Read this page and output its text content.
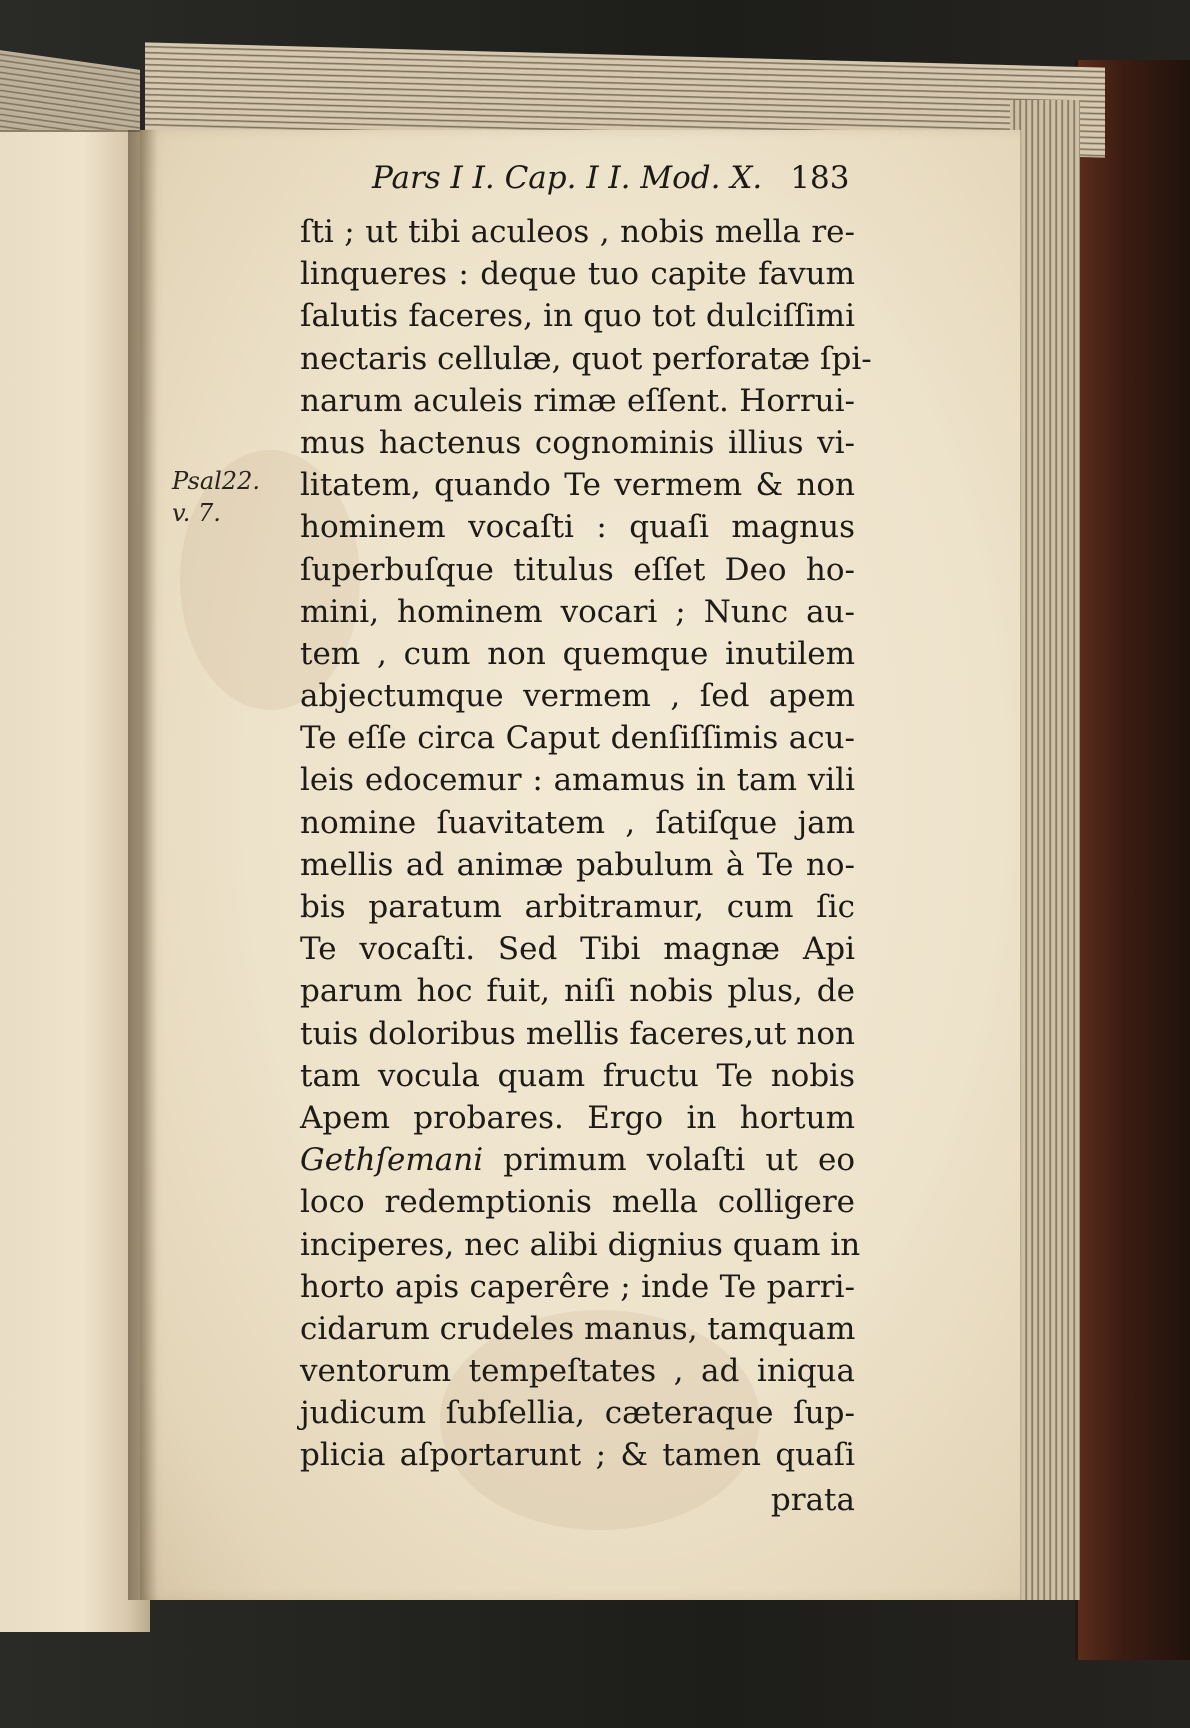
Pars I I. Cap. I I. Mod. X. 183
Psal22.
v. 7.
ſti ; ut tibi aculeos , nobis mella re-
linqueres : deque tuo capite favum
ſalutis faceres, in quo tot dulciſſimi
nectaris cellulæ, quot perforatæ ſpi-
narum aculeis rimæ eſſent. Horrui-
mus hactenus cognominis illius vi-
litatem, quando Te vermem & non
hominem vocaſti : quaſi magnus
ſuperbuſque titulus eſſet Deo ho-
mini, hominem vocari ; Nunc au-
tem , cum non quemque inutilem
abjectumque vermem , ſed apem
Te eſſe circa Caput denſiſſimis acu-
leis edocemur : amamus in tam vili
nomine ſuavitatem , ſatiſque jam
mellis ad animæ pabulum à Te no-
bis paratum arbitramur, cum ſic
Te vocaſti. Sed Tibi magnæ Api
parum hoc fuit, niſi nobis plus, de
tuis doloribus mellis faceres,ut non
tam vocula quam fructu Te nobis
Apem probares. Ergo in hortum
Gethſemani primum volaſti ut eo
loco redemptionis mella colligere
inciperes, nec alibi dignius quam in
horto apis caperêre ; inde Te parri-
cidarum crudeles manus, tamquam
ventorum tempeſtates , ad iniqua
judicum ſubſellia, cæteraque ſup-
plicia aſportarunt ; & tamen quaſi
prata
